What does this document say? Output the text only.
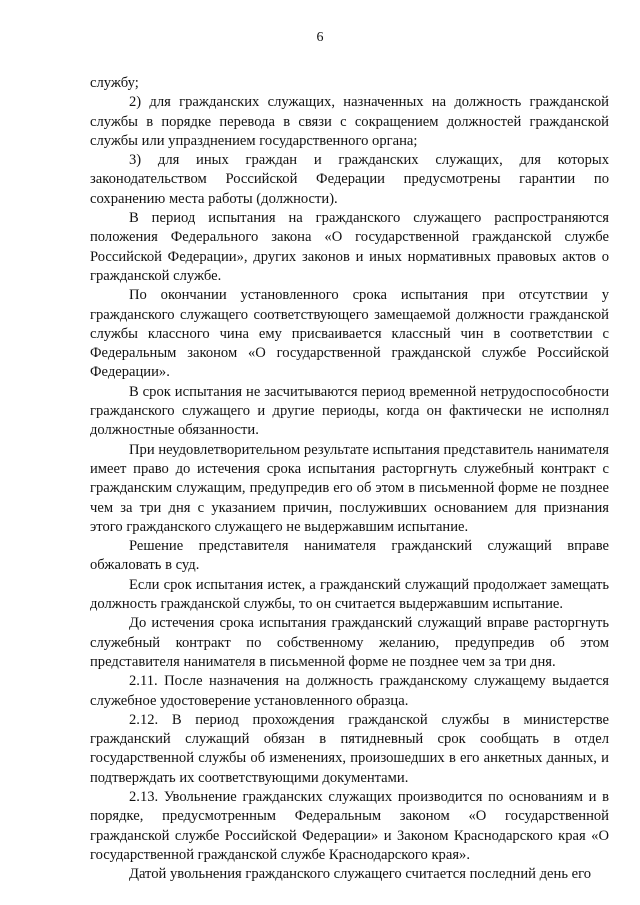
6

службу;

2) для гражданских служащих, назначенных на должность гражданской службы в порядке перевода в связи с сокращением должностей гражданской службы или упразднением государственного органа;

3) для иных граждан и гражданских служащих, для которых законодательством Российской Федерации предусмотрены гарантии по сохранению места работы (должности).

В период испытания на гражданского служащего распространяются положения Федерального закона «О государственной гражданской службе Российской Федерации», других законов и иных нормативных правовых актов о гражданской службе.

По окончании установленного срока испытания при отсутствии у гражданского служащего соответствующего замещаемой должности гражданской службы классного чина ему присваивается классный чин в соответствии с Федеральным законом «О государственной гражданской службе Российской Федерации».

В срок испытания не засчитываются период временной нетрудоспособности гражданского служащего и другие периоды, когда он фактически не исполнял должностные обязанности.

При неудовлетворительном результате испытания представитель нанимателя имеет право до истечения срока испытания расторгнуть служебный контракт с гражданским служащим, предупредив его об этом в письменной форме не позднее чем за три дня с указанием причин, послуживших основанием для признания этого гражданского служащего не выдержавшим испытание.

Решение представителя нанимателя гражданский служащий вправе обжаловать в суд.

Если срок испытания истек, а гражданский служащий продолжает замещать должность гражданской службы, то он считается выдержавшим испытание.

До истечения срока испытания гражданский служащий вправе расторгнуть служебный контракт по собственному желанию, предупредив об этом представителя нанимателя в письменной форме не позднее чем за три дня.

2.11. После назначения на должность гражданскому служащему выдается служебное удостоверение установленного образца.

2.12. В период прохождения гражданской службы в министерстве гражданский служащий обязан в пятидневный срок сообщать в отдел государственной службы об изменениях, произошедших в его анкетных данных, и подтверждать их соответствующими документами.

2.13. Увольнение гражданских служащих производится по основаниям и в порядке, предусмотренным Федеральным законом «О государственной гражданской службе Российской Федерации» и Законом Краснодарского края «О государственной гражданской службе Краснодарского края».

Датой увольнения гражданского служащего считается последний день его
